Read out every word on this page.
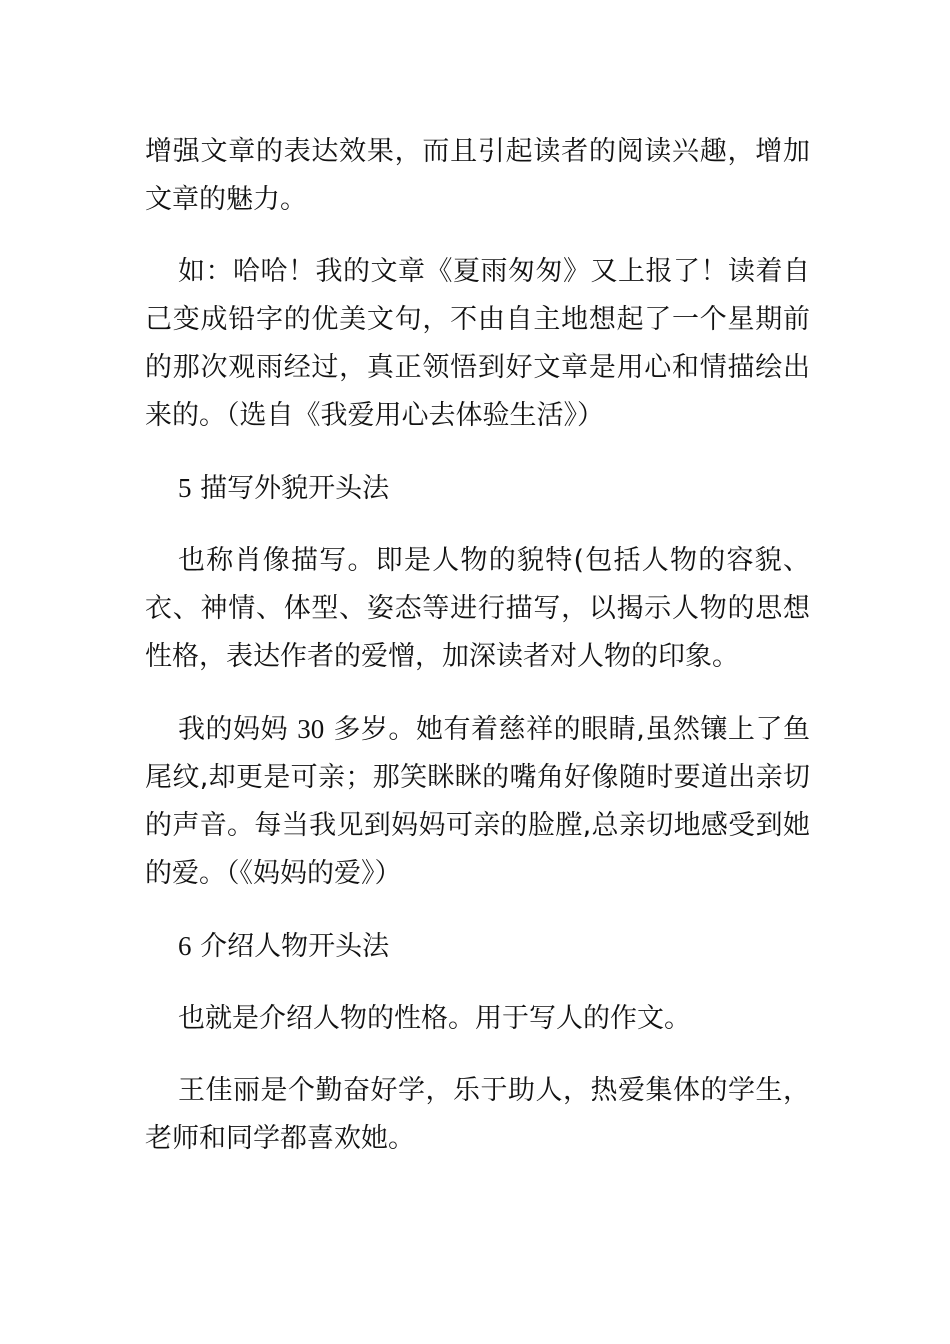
增强文章的表达效果，而且引起读者的阅读兴趣，增加文章的魅力。

如：哈哈！我的文章《夏雨匆匆》又上报了！读着自己变成铅字的优美文句，不由自主地想起了一个星期前的那次观雨经过，真正领悟到好文章是用心和情描绘出来的。（选自《我爱用心去体验生活》）

5 描写外貌开头法

也称肖像描写。即是人物的貌特(包括人物的容貌、衣、神情、体型、姿态等进行描写，以揭示人物的思想性格，表达作者的爱憎，加深读者对人物的印象。

我的妈妈 30 多岁。她有着慈祥的眼睛,虽然镶上了鱼尾纹,却更是可亲；那笑眯眯的嘴角好像随时要道出亲切的声音。每当我见到妈妈可亲的脸膛,总亲切地感受到她的爱。（《妈妈的爱》）

6 介绍人物开头法

也就是介绍人物的性格。用于写人的作文。

王佳丽是个勤奋好学，乐于助人，热爱集体的学生，老师和同学都喜欢她。
